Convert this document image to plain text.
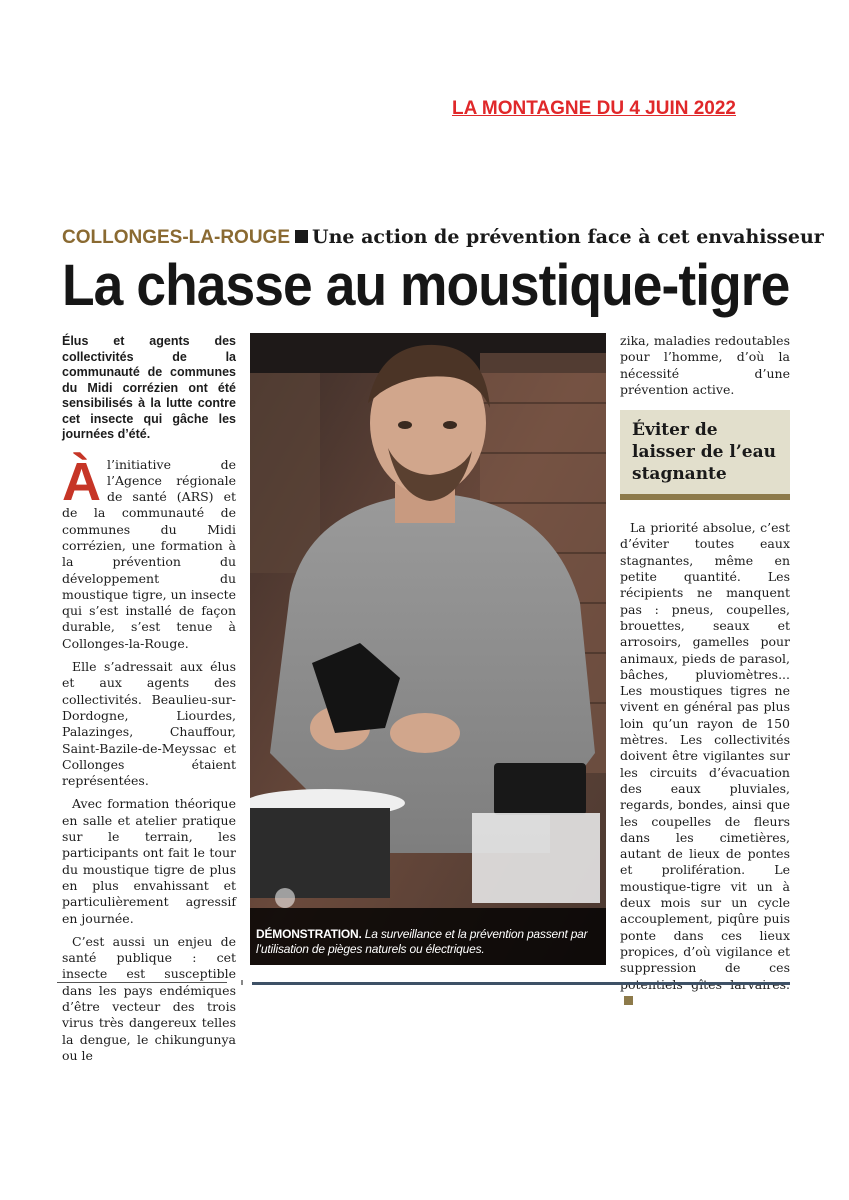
LA MONTAGNE DU 4 JUIN 2022
COLLONGES-LA-ROUGE Une action de prévention face à cet envahisseur
La chasse au moustique-tigre

Élus et agents des collectivités de la communauté de communes du Midi corrézien ont été sensibilisés à la lutte contre cet insecte qui gâche les journées d’été.

Àl’initiative de l’Agence régionale de santé (ARS) et de la communauté de communes du Midi corrézien, une formation à la prévention du développement du moustique tigre, un insecte qui s’est installé de façon durable, s’est tenue à Collonges-la-Rouge.

Elle s’adressait aux élus et aux agents des collectivités. Beaulieu-sur-Dordogne, Liourdes, Palazinges, Chauffour, Saint-Bazile-de-Meyssac et Collonges étaient représentées.

Avec formation théorique en salle et atelier pratique sur le terrain, les participants ont fait le tour du moustique tigre de plus en plus envahissant et particulièrement agressif en journée.

C’est aussi un enjeu de santé publique : cet insecte est susceptible dans les pays endémiques d’être vecteur des trois virus très dangereux telles la dengue, le chikungunya ou le

DÉMONSTRATION. La surveillance et la prévention passent par l’utilisation de pièges naturels ou électriques.

zika, maladies redoutables pour l’homme, d’où la nécessité d’une prévention active.

Éviter de laisser de l’eau stagnante

La priorité absolue, c’est d’éviter toutes eaux stagnantes, même en petite quantité. Les récipients ne manquent pas : pneus, coupelles, brouettes, seaux et arrosoirs, gamelles pour animaux, pieds de parasol, bâches, pluviomètres... Les moustiques tigres ne vivent en général pas plus loin qu’un rayon de 150 mètres. Les collectivités doivent être vigilantes sur les circuits d’évacuation des eaux pluviales, regards, bondes, ainsi que les coupelles de fleurs dans les cimetières, autant de lieux de pontes et prolifération. Le moustique-tigre vit un à deux mois sur un cycle accouplement, piqûre puis ponte dans ces lieux propices, d’où vigilance et suppression de ces potentiels gîtes larvaires.
